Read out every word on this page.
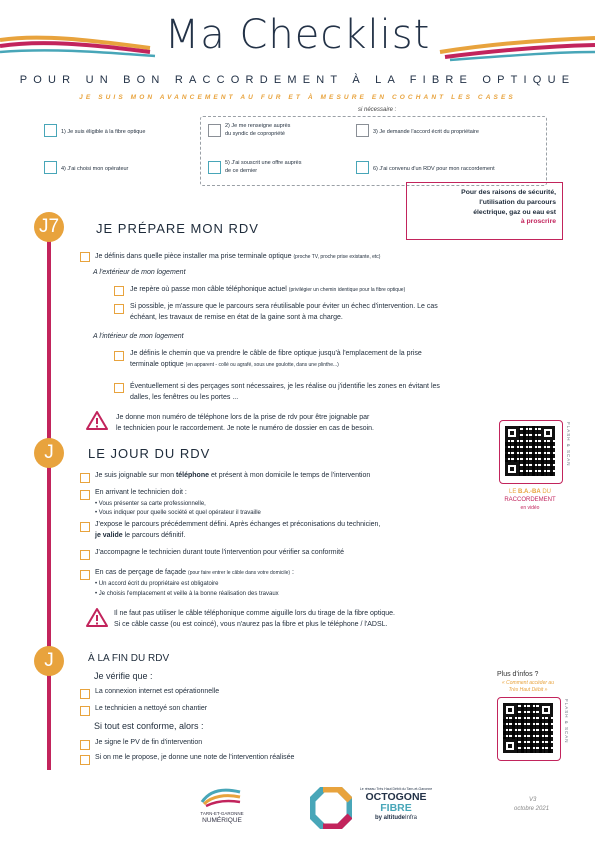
Ma Checklist
POUR UN BON RACCORDEMENT À LA FIBRE OPTIQUE
JE SUIS MON AVANCEMENT AU FUR ET À MESURE EN COCHANT LES CASES
si nécessaire :
1) Je suis éligible à la fibre optique
2) Je me renseigne auprès
du syndic de copropriété	3) Je demande l'accord écrit du propriétaire
4) J'ai choisi mon opérateur
5) J'ai souscrit une offre auprès
de ce dernier	6) J'ai convenu d'un RDV pour mon raccordement
Pour des raisons de sécurité,
l'utilisation du parcours
électrique, gaz ou eau est
à proscrire
J7	JE PRÉPARE MON RDV
Je définis dans quelle pièce installer ma prise terminale optique (proche TV, proche prise existante, etc)
A l'extérieur de mon logement
Je repère où passe mon câble téléphonique actuel (privilégier un chemin identique pour la fibre optique)
Si possible, je m'assure que le parcours sera réutilisable pour éviter un échec d'intervention. Le cas
échéant, les travaux de remise en état de la gaine sont à ma charge.
A l'intérieur de mon logement
Je définis le chemin que va prendre le câble de fibre optique jusqu'à l'emplacement de la prise
terminale optique (en apparent - collé ou agrafé, sous une goulotte, dans une plinthe...)
Éventuellement si des perçages sont nécessaires, je les réalise ou j'identifie les zones en évitant les
dalles, les fenêtres ou les portes ...
Je donne mon numéro de téléphone lors de la prise de rdv pour être joignable par
le technicien pour le raccordement. Je note le numéro de dossier en cas de besoin.
J	LE JOUR DU RDV
Je suis joignable sur mon téléphone et présent à mon domicile le temps de l'intervention
En arrivant le technicien doit :
• Vous présenter sa carte professionnelle,
• Vous indiquer pour quelle société et quel opérateur il travaille
J'expose le parcours précédemment défini. Après échanges et préconisations du technicien,
je valide le parcours définitif.
J'accompagne le technicien durant toute l'intervention pour vérifier sa conformité
En cas de perçage de façade (pour faire entrer le câble dans votre domicile) :
• Un accord écrit du propriétaire est obligatoire
• Je choisis l'emplacement et veille à la bonne réalisation des travaux
Il ne faut pas utiliser le câble téléphonique comme aiguille lors du tirage de la fibre optique.
Si ce câble casse (ou est coincé), vous n'aurez pas la fibre et plus le téléphone / l'ADSL.
FLASH & SCAN
LE B.A.-BA DU
RACCORDEMENT
en vidéo
J	À LA FIN DU RDV
Je vérifie que :
La connexion internet est opérationnelle
Le technicien a nettoyé son chantier
Si tout est conforme, alors :
Je signe le PV de fin d'intervention
Si on me le propose, je donne une note de l'intervention réalisée
Plus d'infos ?
« Comment accéder au
Très Haut Débit »
FLASH & SCAN
TARN-ET-GARONNE
NUMÉRIQUE
Le réseau Très Haut Débit du Tarn-et-Garonne
OCTOGONE
FIBRE
by altitudeInfra
V3
octobre 2021
